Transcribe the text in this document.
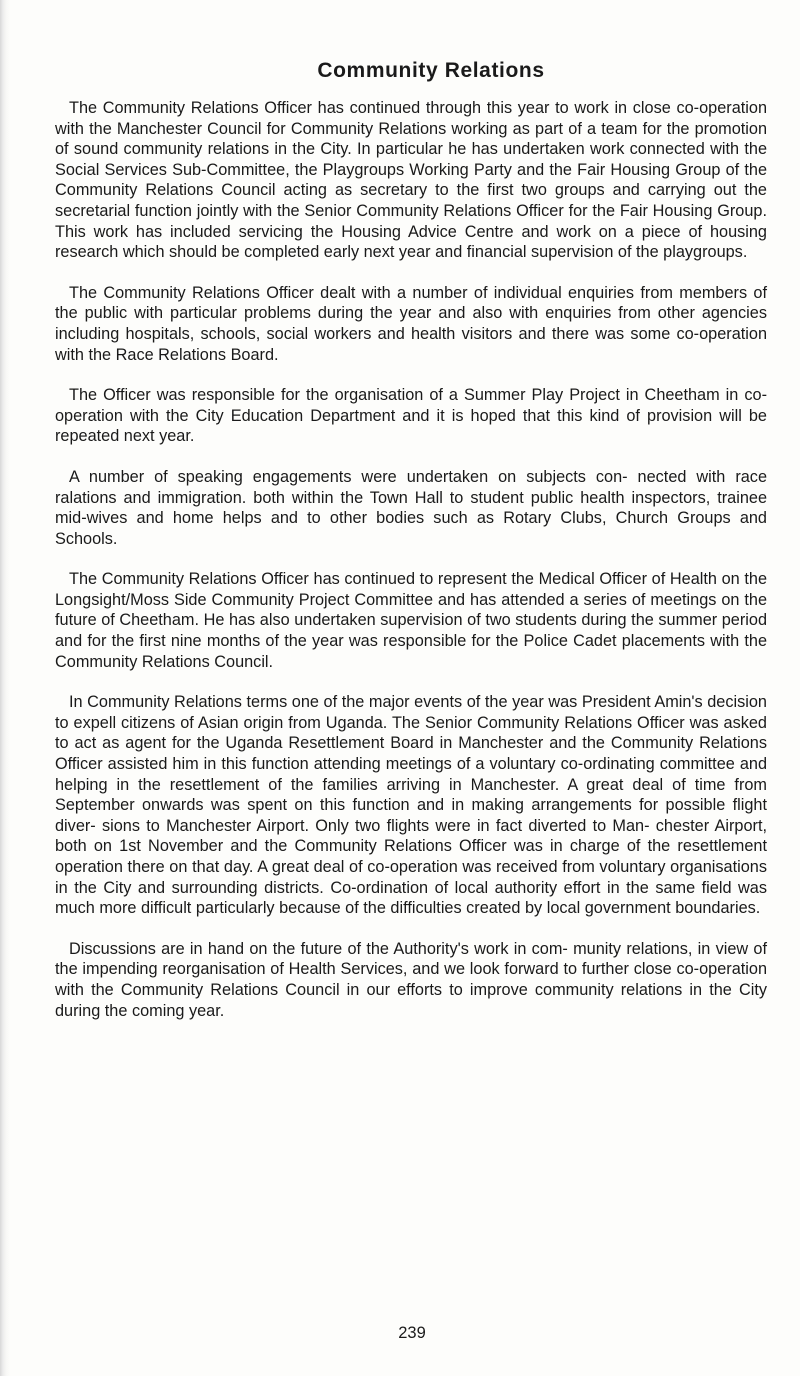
Community Relations

The Community Relations Officer has continued through this year to work in close co-operation with the Manchester Council for Community Relations working as part of a team for the promotion of sound community relations in the City. In particular he has undertaken work connected with the Social Services Sub-Committee, the Playgroups Working Party and the Fair Housing Group of the Community Relations Council acting as secretary to the first two groups and carrying out the secretarial function jointly with the Senior Community Relations Officer for the Fair Housing Group. This work has included servicing the Housing Advice Centre and work on a piece of housing research which should be completed early next year and financial supervision of the playgroups.

The Community Relations Officer dealt with a number of individual enquiries from members of the public with particular problems during the year and also with enquiries from other agencies including hospitals, schools, social workers and health visitors and there was some co-operation with the Race Relations Board.

The Officer was responsible for the organisation of a Summer Play Project in Cheetham in co-operation with the City Education Department and it is hoped that this kind of provision will be repeated next year.

A number of speaking engagements were undertaken on subjects con- nected with race ralations and immigration. both within the Town Hall to student public health inspectors, trainee mid-wives and home helps and to other bodies such as Rotary Clubs, Church Groups and Schools.

The Community Relations Officer has continued to represent the Medical Officer of Health on the Longsight/Moss Side Community Project Committee and has attended a series of meetings on the future of Cheetham. He has also undertaken supervision of two students during the summer period and for the first nine months of the year was responsible for the Police Cadet placements with the Community Relations Council.

In Community Relations terms one of the major events of the year was President Amin's decision to expell citizens of Asian origin from Uganda. The Senior Community Relations Officer was asked to act as agent for the Uganda Resettlement Board in Manchester and the Community Relations Officer assisted him in this function attending meetings of a voluntary co-ordinating committee and helping in the resettlement of the families arriving in Manchester. A great deal of time from September onwards was spent on this function and in making arrangements for possible flight diver- sions to Manchester Airport. Only two flights were in fact diverted to Man- chester Airport, both on 1st November and the Community Relations Officer was in charge of the resettlement operation there on that day. A great deal of co-operation was received from voluntary organisations in the City and surrounding districts. Co-ordination of local authority effort in the same field was much more difficult particularly because of the difficulties created by local government boundaries.

Discussions are in hand on the future of the Authority's work in com- munity relations, in view of the impending reorganisation of Health Services, and we look forward to further close co-operation with the Community Relations Council in our efforts to improve community relations in the City during the coming year.

239
